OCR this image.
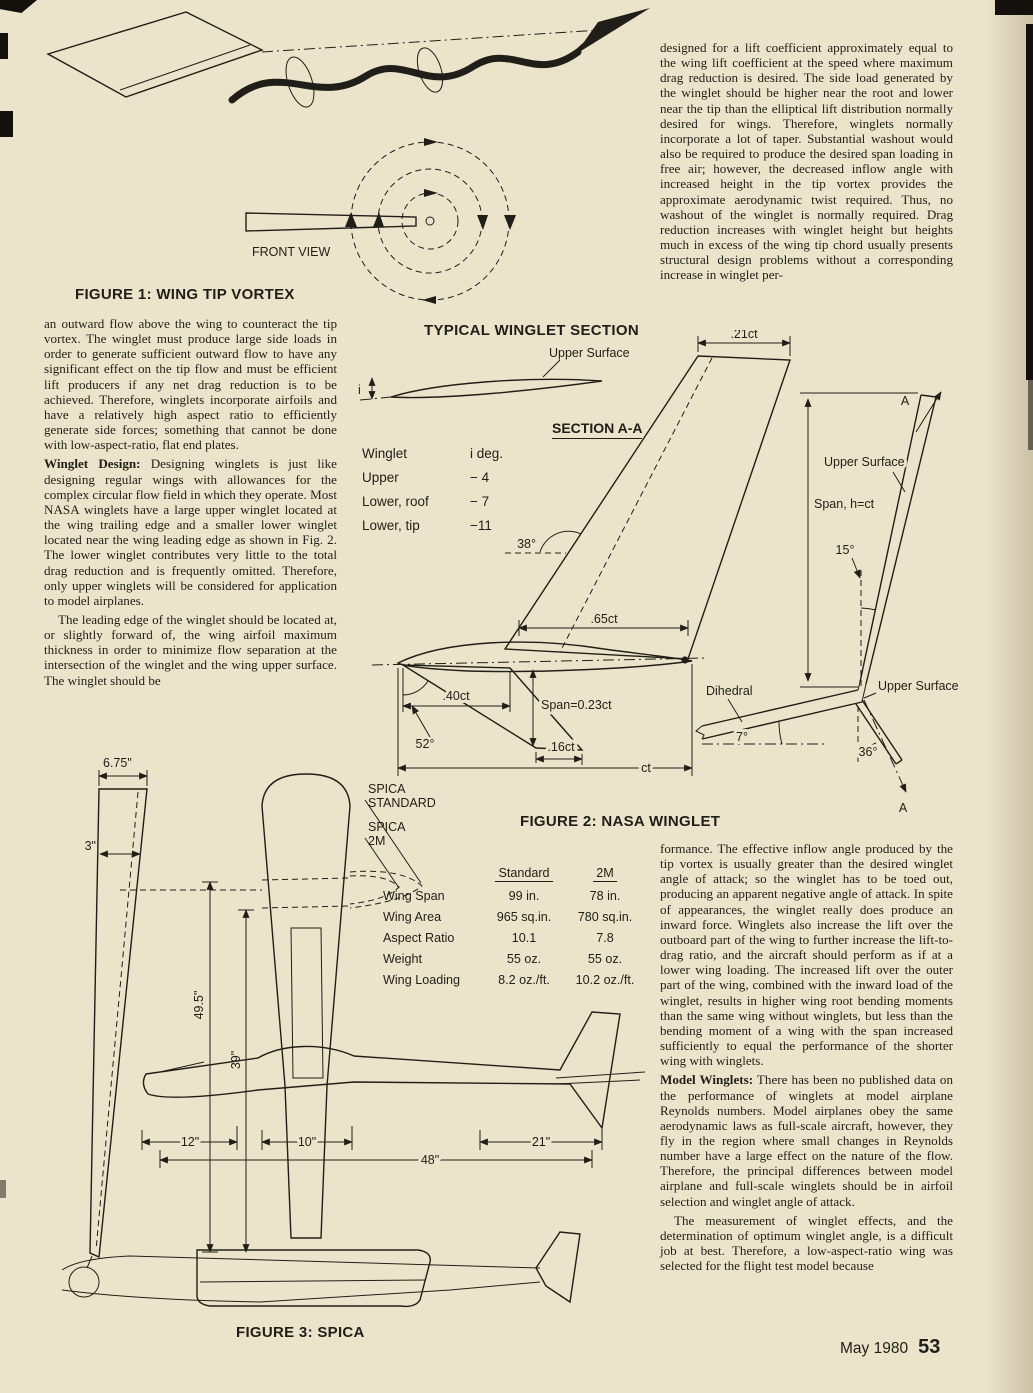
FRONT VIEW
i
Upper Surface
.21ct
38°
.65ct
.40ct
52°
Span=0.23ct
.16ct
ct
A
A
Span, h=ct
15°
Dihedral
7°
36°
Upper Surface
Upper Surface
6.75"
3"
49.5"
39"
SPICA
STANDARD
SPICA
2M
12"	10"	21"
48"
FIGURE 1: WING TIP VORTEX

an outward flow above the wing to counteract the tip vortex. The winglet must produce large side loads in order to generate sufficient outward flow to have any significant effect on the tip flow and must be efficient lift producers if any net drag reduction is to be achieved. Therefore, winglets incorporate airfoils and have a relatively high aspect ratio to efficiently generate side forces; something that cannot be done with low-aspect-ratio, flat end plates.

Winglet Design: Designing winglets is just like designing regular wings with allowances for the complex circular flow field in which they operate. Most NASA winglets have a large upper winglet located at the wing trailing edge and a smaller lower winglet located near the wing leading edge as shown in Fig. 2. The lower winglet contributes very little to the total drag reduction and is frequently omitted. Therefore, only upper winglets will be considered for application to model airplanes.

The leading edge of the winglet should be located at, or slightly forward of, the wing airfoil maximum thickness in order to minimize flow separation at the intersection of the winglet and the wing upper surface. The winglet should be

designed for a lift coefficient approximately equal to the wing lift coefficient at the speed where maximum drag reduction is desired. The side load generated by the winglet should be higher near the root and lower near the tip than the elliptical lift distribution normally desired for wings. Therefore, winglets normally incorporate a lot of taper. Substantial washout would also be required to produce the desired span loading in free air; however, the decreased inflow angle with increased height in the tip vortex provides the approximate aerodynamic twist required. Thus, no washout of the winglet is normally required. Drag reduction increases with winglet height but heights much in excess of the wing tip chord usually presents structural design problems without a corresponding increase in winglet per-

TYPICAL WINGLET SECTION
SECTION A-A
Winglet	i deg.
Upper	− 4
Lower, roof	− 7
Lower, tip	−11
FIGURE 2: NASA WINGLET

formance. The effective inflow angle produced by the tip vortex is usually greater than the desired winglet angle of attack; so the winglet has to be toed out, producing an apparent negative angle of attack. In spite of appearances, the winglet really does produce an inward force. Winglets also increase the lift over the outboard part of the wing to further increase the lift-to-drag ratio, and the aircraft should perform as if at a lower wing loading. The increased lift over the outer part of the wing, combined with the inward load of the winglet, results in higher wing root bending moments than the same wing without winglets, but less than the bending moment of a wing with the span increased sufficiently to equal the performance of the shorter wing with winglets.

Model Winglets: There has been no published data on the performance of winglets at model airplane Reynolds numbers. Model airplanes obey the same aerodynamic laws as full-scale aircraft, however, they fly in the region where small changes in Reynolds number have a large effect on the nature of the flow. Therefore, the principal differences between model airplane and full-scale winglets should be in airfoil selection and winglet angle of attack.

The measurement of winglet effects, and the determination of optimum winglet angle, is a difficult job at best. Therefore, a low-aspect-ratio wing was selected for the flight test model because

Standard	2M
Wing Span	99 in.	78 in.
Wing Area	965 sq.in.	780 sq.in.
Aspect Ratio	10.1	7.8
Weight	55 oz.	55 oz.
Wing Loading	8.2 oz./ft.	10.2 oz./ft.
FIGURE 3: SPICA
May 1980 53
